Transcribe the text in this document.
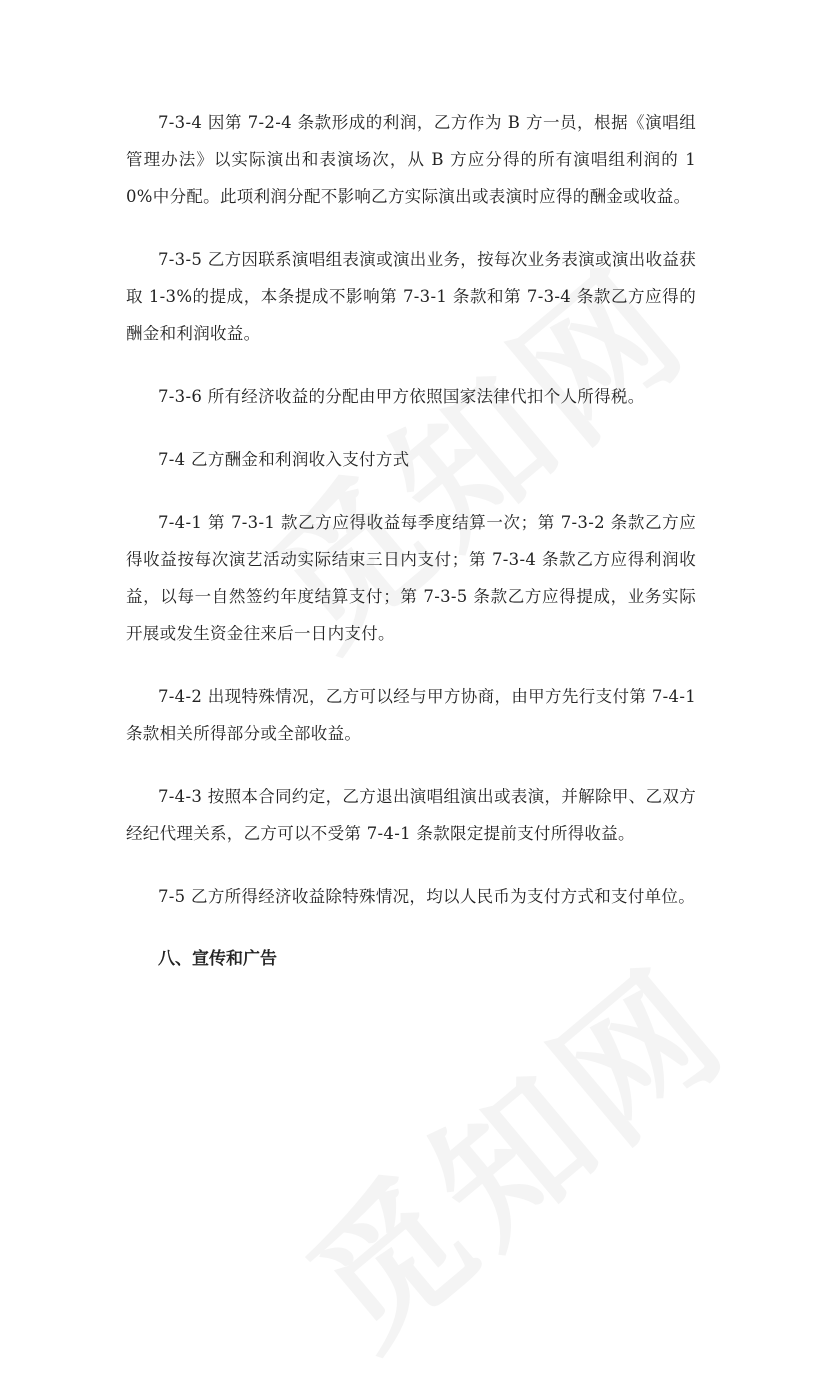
7-3-4 因第 7-2-4 条款形成的利润，乙方作为 B 方一员，根据《演唱组管理办法》以实际演出和表演场次，从 B 方应分得的所有演唱组利润的 10%中分配。此项利润分配不影响乙方实际演出或表演时应得的酬金或收益。

7-3-5 乙方因联系演唱组表演或演出业务，按每次业务表演或演出收益获取 1-3%的提成，本条提成不影响第 7-3-1 条款和第 7-3-4 条款乙方应得的酬金和利润收益。

7-3-6 所有经济收益的分配由甲方依照国家法律代扣个人所得税。

7-4 乙方酬金和利润收入支付方式

7-4-1 第 7-3-1 款乙方应得收益每季度结算一次；第 7-3-2 条款乙方应得收益按每次演艺活动实际结束三日内支付；第 7-3-4 条款乙方应得利润收益，以每一自然签约年度结算支付；第 7-3-5 条款乙方应得提成，业务实际开展或发生资金往来后一日内支付。

7-4-2 出现特殊情况，乙方可以经与甲方协商，由甲方先行支付第 7-4-1 条款相关所得部分或全部收益。

7-4-3 按照本合同约定，乙方退出演唱组演出或表演，并解除甲、乙双方经纪代理关系，乙方可以不受第 7-4-1 条款限定提前支付所得收益。

7-5 乙方所得经济收益除特殊情况，均以人民币为支付方式和支付单位。

八、宣传和广告
